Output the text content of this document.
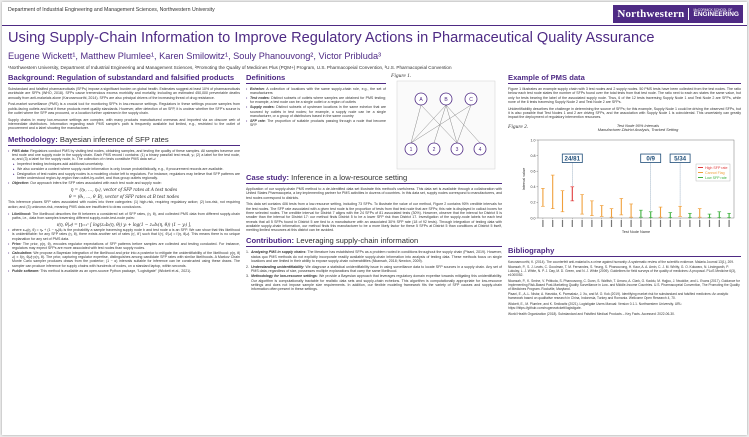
Department of Industrial Engineering and Management Sciences, Northwestern University	Northwestern	McCORMICK SCHOOL OF
ENGINEERING
Using Supply-Chain Information to Improve Regulatory Actions in Pharmaceutical Quality Assurance
Eugene Wickett¹, Matthew Plumlee¹, Karen Smilowitz¹, Souly Phanouvong², Victor Pribluda³
¹Northwestern University, Department of Industrial Engineering and Management Sciences, ²Promoting the Quality of Medicines Plus (PQM+) Program, U.S. Pharmacopeial Convention, ³U.S. Pharmacopeial Convention
Background: Regulation of substandard and falsified products

Substandard and falsified pharmaceuticals (SFPs) impose a significant burden on global health. Estimates suggest at least 10% of pharmaceuticals worldwide are SFPs (WHO, 2018). SFPs cause tremendous excess morbidity and mortality, including an estimated 450,000 preventable deaths annually from anti-malarials alone (Karunamoorthi, 2014). SFPs are also principal drivers of the increasing threat of drug resistance.

Post-market surveillance (PMS) is a crucial tool for monitoring SFPs in low-resource settings. Regulators in these settings procure samples from public-facing outlets and test if these products meet quality standards. However, after detection of an SFP, it is unclear whether the SFP's source is the outlet where the SFP was procured, or a location further upstream in the supply chain.

Supply chains in many low-resource settings are complex, with many products manufactured overseas and imported via an obscure web of intermediate distributors. Information regarding each PMS sample's path is frequently available but limited, e.g., restricted to the outlet of procurement and a label showing the manufacturer.

Methodology: Bayesian inference of SFP rates
• PMS data: Regulators conduct PMS by visiting test nodes, obtaining samples, and testing the quality of these samples. All samples traverse one test node and one supply node in the supply chain. Each PMS record i contains: (1) a binary pass/fail test result, yᵢ; (2) a label for the test node, aᵢ; and (3) a label for the supply node, bᵢ. The collection of n tests constitute PMS data set 𝒹.
▸ Imperfect testing techniques add additional uncertainty.
▸ We also consider a context where supply-node information is only known probabilistically, e.g., if procurement records are available.
▸ Designation of test nodes and supply nodes is a modeling choice left to regulators. For instance, regulators may believe that SFP patterns are better understood region-by-region than outlet-by-outlet, and thus group outlets regionally.
• Objective: Our approach infers the SFP rates associated with each test node and supply node:
η = (η₁, …, ηₐ), vector of SFP rates at A test nodes
θ = (θ₁, …, θ_B), vector of SFP rates at B test nodes

This inference places SFP rates associated with nodes into three categories: (1) high-risk, requiring regulatory action; (2) low-risk, not requiring action; and (3) unknown-risk, meaning PMS data are insufficient to draw conclusions.

• Likelihood: The likelihood describes the fit between a considered set of SFP rates, (η, θ), and collected PMS data from different supply-chain paths, i.e., data from samples traversing different supply-node-test-node pairs:
ℓ(η, θ|𝒹) = ∏ᵢ₌₁ⁿ [ log(zₐᵢbᵢ(η, θ)) yᵢ + log(1 − zₐᵢbᵢ(η, θ)) (1 − yᵢ) ],
• where zₐᵦ(η, θ) = ηₐ + (1 − ηₐ)θᵦ is the probability a sample traversing supply node b and test node a is an SFP. We can show that this likelihood is unidentifiable: for any SFP rates (η, θ), there exists another set of rates (η', θ') such that ℓ(η', θ'|𝒹) = ℓ(η, θ|𝒹). This means there is no unique explanation for any set of PMS data.
• Prior: The prior, p(η, θ), encodes regulator expectations of SFP patterns before samples are collected and testing conducted. For instance, regulators may expect SFPs are more associated with test nodes than supply nodes.
• Calculation: We propose a Bayesian integration of the likelihood and prior into a posterior to mitigate the unidentifiability of the likelihood: p(η, θ|𝒹) ∝ ℓ(η, θ|𝒹)·p(η, θ). The prior, capturing regulator expertise, distinguishes among candidate SFP rates with similar likelihoods. A Markov Chain Monte Carlo sampler produces draws from the posterior; (1 − α) intervals suitable for inference can be constructed using these draws. The sampler can produce inference for supply chains with hundreds of nodes, on a standard laptop, within seconds.
• Public software: This method is available as an open-source Python package, "Logistigate" (Wickett et al., 2021).
Definitions
• Echelon: A collection of locations with the same supply-chain role, e.g., the set of manufacturers
• Test nodes: Distinct subsets of outlets where samples are obtained for PMS testing; for example, a test node can be a single outlet or a region of outlets
• Supply nodes: Distinct subsets of upstream locations in the same echelon that are sourced by outlets in test nodes; for example, a supply node can be a single manufacturer, or a group of distributors based in the same country
• SFP rate: The proportion of suitable products passing through a node that become SFP
Figure 1.
A	B	C
1	2	3	4
Case study: Inference in a low-resource setting

Application of our supply-chain PMS method to a de-identified data set illustrate this method's usefulness. This data set is available through a collaboration with United States Pharmacopeia, a key implementing partner for PMS activities in dozens of countries. In this data set, supply nodes correspond to manufacturers, and test nodes correspond to districts.

This data set contains 406 tests from a low-resource setting, including 73 SFPs. To illustrate the value of our method, Figure 2 contains 90% credible intervals for the test nodes. The SFP rate associated with a given test node is the proportion of tests from that test node that are SFPs; this rate is displayed in callout boxes for three selected nodes. The credible interval for District 7 aligns with the 24 SFPs of 81 associated tests (30%). However, observe that the interval for District 5 is smaller than the interval for District 17: our method finds District 5 to be a lower SFP risk than District 17. Investigation of the supply-node labels for each test reveals that all 5 SFPs found in District 5 are tied to a manufacturer with an associated 30% SFP rate (18 of 92 tests). Through integration of testing data with available supply-chain information, our method finds this manufacturer to be a more likely factor for these 5 SFPs at District 5 than conditions at District 5 itself, meriting limited resources at this district can be avoided.

Contribution: Leveraging supply-chain information
1. Analyzing PMS in supply chains: The literature has established SFPs as a problem rooted in conditions throughout the supply chain (Pisani, 2019). However, status quo PMS methods do not explicitly incorporate readily available supply-chain information into analysis of testing data. These methods focus on single locations and are limited in their ability to expose supply-chain vulnerabilities (Nkansah, 2018; Newton, 2009).
2. Understanding unidentifiability: We diagnose a statistical unidentifiability issue in using surveillance data to locate SFP sources in a supply chain. Any set of PMS data, regardless of size, possesses multiple explanations that carry the same likelihood.
3. Methodology for low-resource settings: We provide a Bayesian approach that leverages regulatory domain expertise towards mitigating this unidentifiability. Our algorithm is computationally tractable for realistic data sets and supply-chain echelons. This algorithm is computationally appropriate for low-resource settings and does not impose sample size requirements. In addition, our flexible modeling framework fits the variety of SFP causes and supply-chain information often present in these settings.
Example of PMS data

Figure 1 illustrates an example supply chain with 3 test nodes and 2 supply nodes. 50 PMS tests have been collected from the test nodes. The ratio below each test node states the number of SFPs found over the total tests from that test node. The ratio next to each arc states the same value, but only for tests bearing the label of the associated supply node. Thus, 6 of the 12 tests traversing Supply Node 1 and Test Node 2 are SFPs, while none of the 6 tests traversing Supply Node 2 and Test Node 2 are SFPs.

Unidentifiability describes the challenge in determining the source of SFPs; for this example, Supply Node 1 could be driving the observed SFPs, but it is also possible that Test Nodes 1 and 2 are driving SFPs, and the association with Supply Node 1 is coincidental. This uncertainty can greatly impact the deployment of regulatory intervention resources.

Figure 2.	Test Node 90% Intervals
Manufacturer-District Analysis, Tracked Setting
0.0
0.2
0.4
0.6
0.8
1.0
Interval value
Test Node Name
24/81	0/9	5/34
High SFP rate
Cannot Flag
Low SFP rate
Bibliography

Karunamoorthi, K. (2014). The counterfeit anti-malarial is a crime against humanity: A systematic review of the scientific evidence. Malaria Journal 13(1), 209.

Nkansah, P., S. J. Lewis, C. Goodman, T. M. Fernandes, S. Yeung, S. Phanouvong, H. Kaur, A. A. Amin, C. J. M. Whitty, G. O. Kokwaro, N. Lindegardh, P. Lukulay, L. J. White, N. P. J. Day, M. D. Green, and N. J. White (2009). Guidelines for field surveys of the quality of medicines: A proposal. PLoS Medicine 6(3), e1000052.

Nkansah, P., K. Smine, V. Pribluda, S. Phanouvong, C. Dunn, S. Walfish, T. Umaru, A. Clark, G. Kaddu, M. Hajjou, J. Nwokike, and L. Evans (2017). Guidance for Implementing Risk-Based Post-Marketing Quality Surveillance in Low- and Middle-Income Countries. U.S. Pharmacopeial Convention, The Promoting the Quality of Medicines Program. Rockville, Maryland.

Pisani, E., A.-L. Nistor, A. Hasnida, K. Parmaksiz, J. Xu, and M. O. Kok (2019). Identifying market risk for substandard and falsified medicines: An analytic framework based on qualitative research in China, Indonesia, Turkey and Romania. Wellcome Open Research 4, 70.

Wickett, E., M. Plumlee, and K. Smilowitz (2021). Logistigate Users Manual: Version 0.1.1. Northwestern University. URL: https://https://github.com/eugenewickett/logistigate.

World Health Organization (2018). Substandard and Falsified Medical Products – Key Facts. Accessed: 2022-06-30.
